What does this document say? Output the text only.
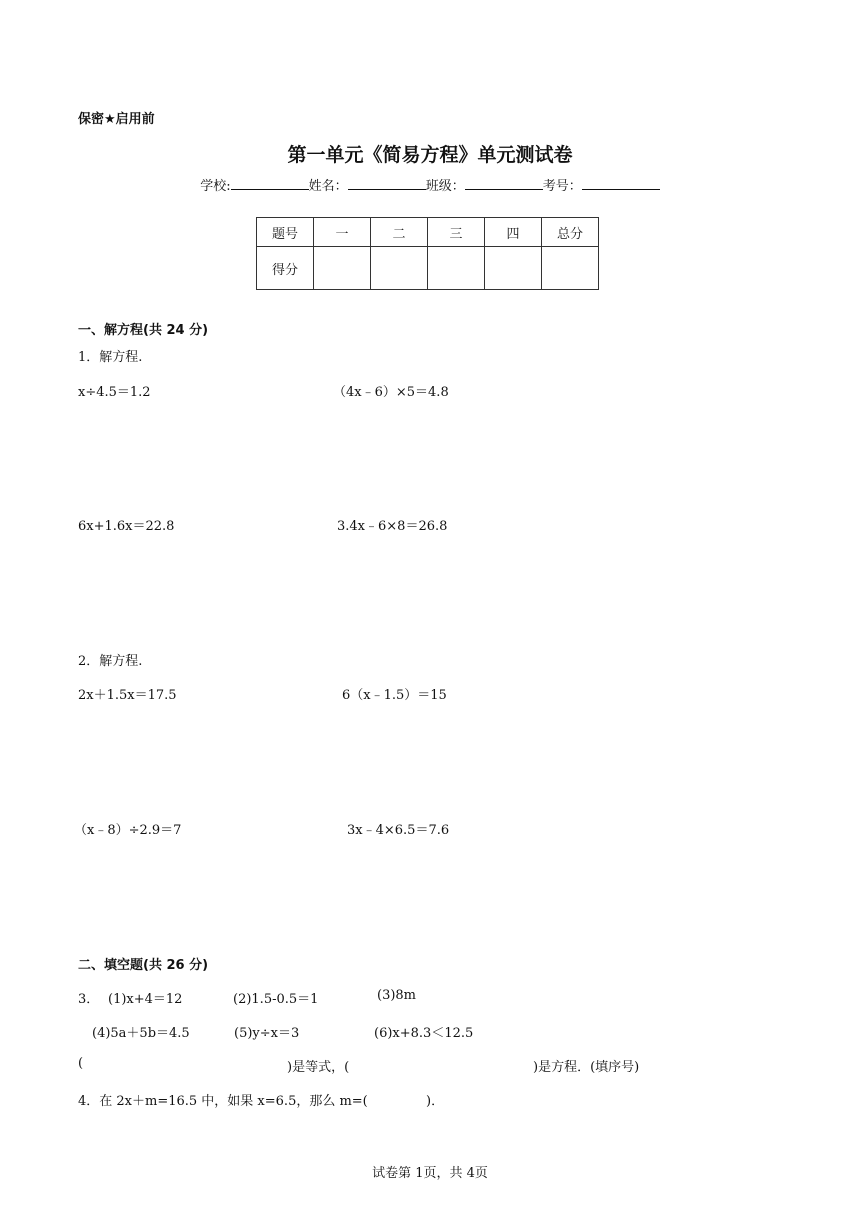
保密★启用前
第一单元《简易方程》单元测试卷
学校:	姓名：	班级：	考号：
题号	一	二	三	四	总分
得分					
一、解方程(共 24 分)
1．解方程.
x÷4.5＝1.2	（4x﹣6）×5＝4.8
6x+1.6x＝22.8	3.4x﹣6×8＝26.8
2．解方程.
2x＋1.5x＝17.5	6（x﹣1.5）＝15
（x﹣8）÷2.9＝7	3x﹣4×6.5＝7.6
二、填空题(共 26 分)
3． (1)x+4＝12	(2)1.5-0.5＝1	(3)8m
(4)5a＋5b＝4.5	(5)y÷x＝3	(6)x+8.3＜12.5
(	)是等式，(	)是方程．(填序号)
4．在 2x＋m=16.5 中，如果 x=6.5，那么 m=(	)．
试卷第 1页，共 4页
